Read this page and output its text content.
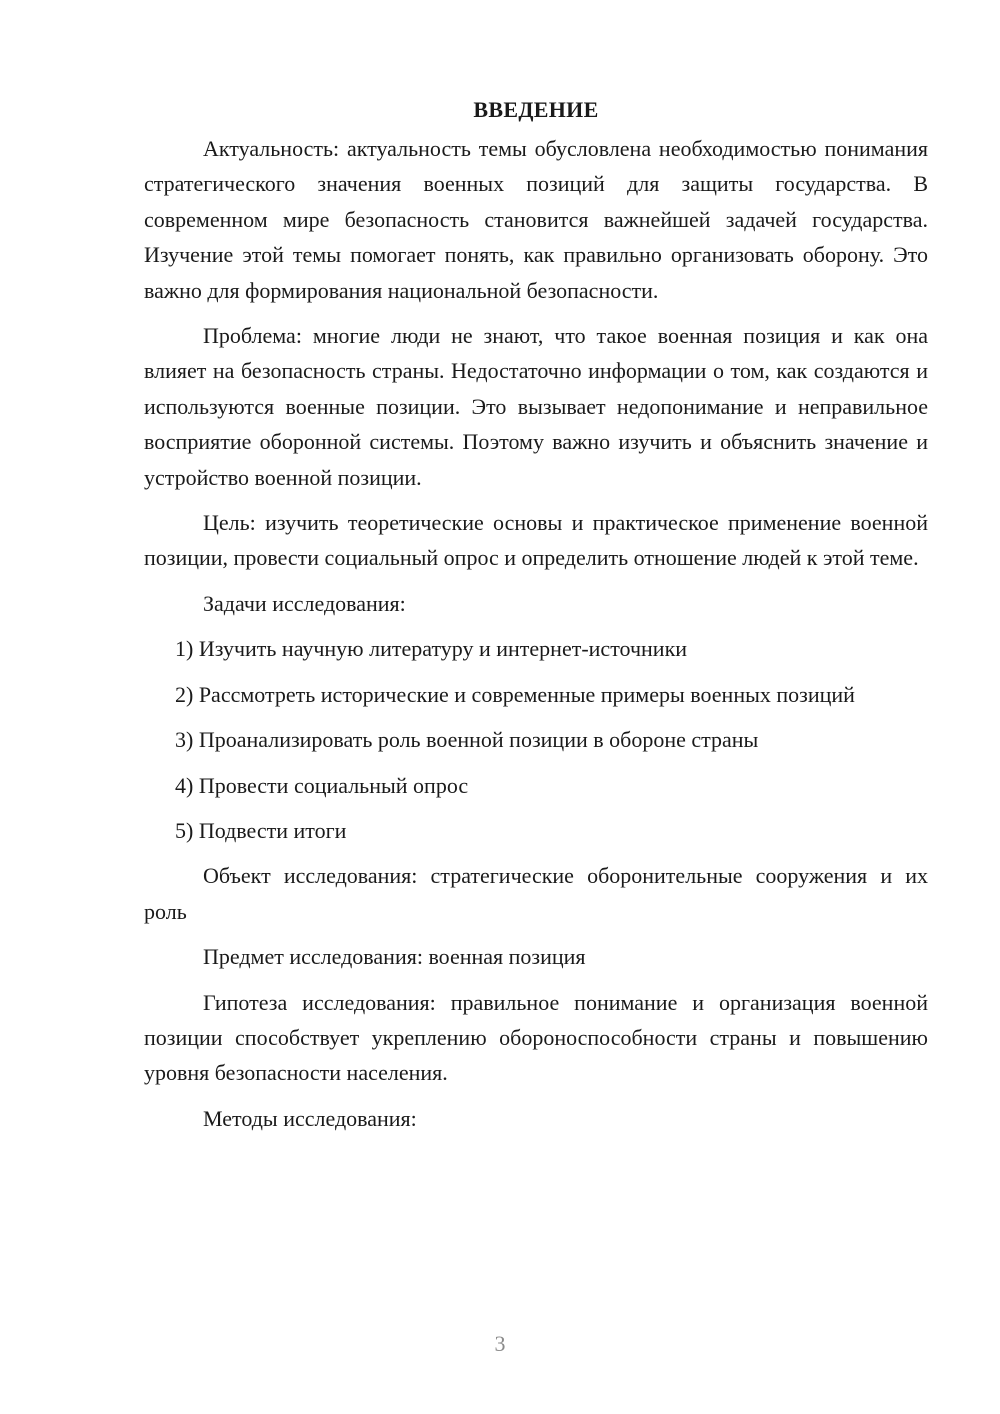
ВВЕДЕНИЕ

Актуальность: актуальность темы обусловлена необходимостью понимания стратегического значения военных позиций для защиты государства. В современном мире безопасность становится важнейшей задачей государства. Изучение этой темы помогает понять, как правильно организовать оборону. Это важно для формирования национальной безопасности.

Проблема: многие люди не знают, что такое военная позиция и как она влияет на безопасность страны. Недостаточно информации о том, как создаются и используются военные позиции. Это вызывает недопонимание и неправильное восприятие оборонной системы. Поэтому важно изучить и объяснить значение и устройство военной позиции.

Цель: изучить теоретические основы и практическое применение военной позиции, провести социальный опрос и определить отношение людей к этой теме.

Задачи исследования:

1) Изучить научную литературу и интернет-источники

2) Рассмотреть исторические и современные примеры военных позиций

3) Проанализировать роль военной позиции в обороне страны

4) Провести социальный опрос

5) Подвести итоги

Объект исследования: стратегические оборонительные сооружения и их роль

Предмет исследования: военная позиция

Гипотеза исследования: правильное понимание и организация военной позиции способствует укреплению обороноспособности страны и повышению уровня безопасности населения.

Методы исследования:

3
